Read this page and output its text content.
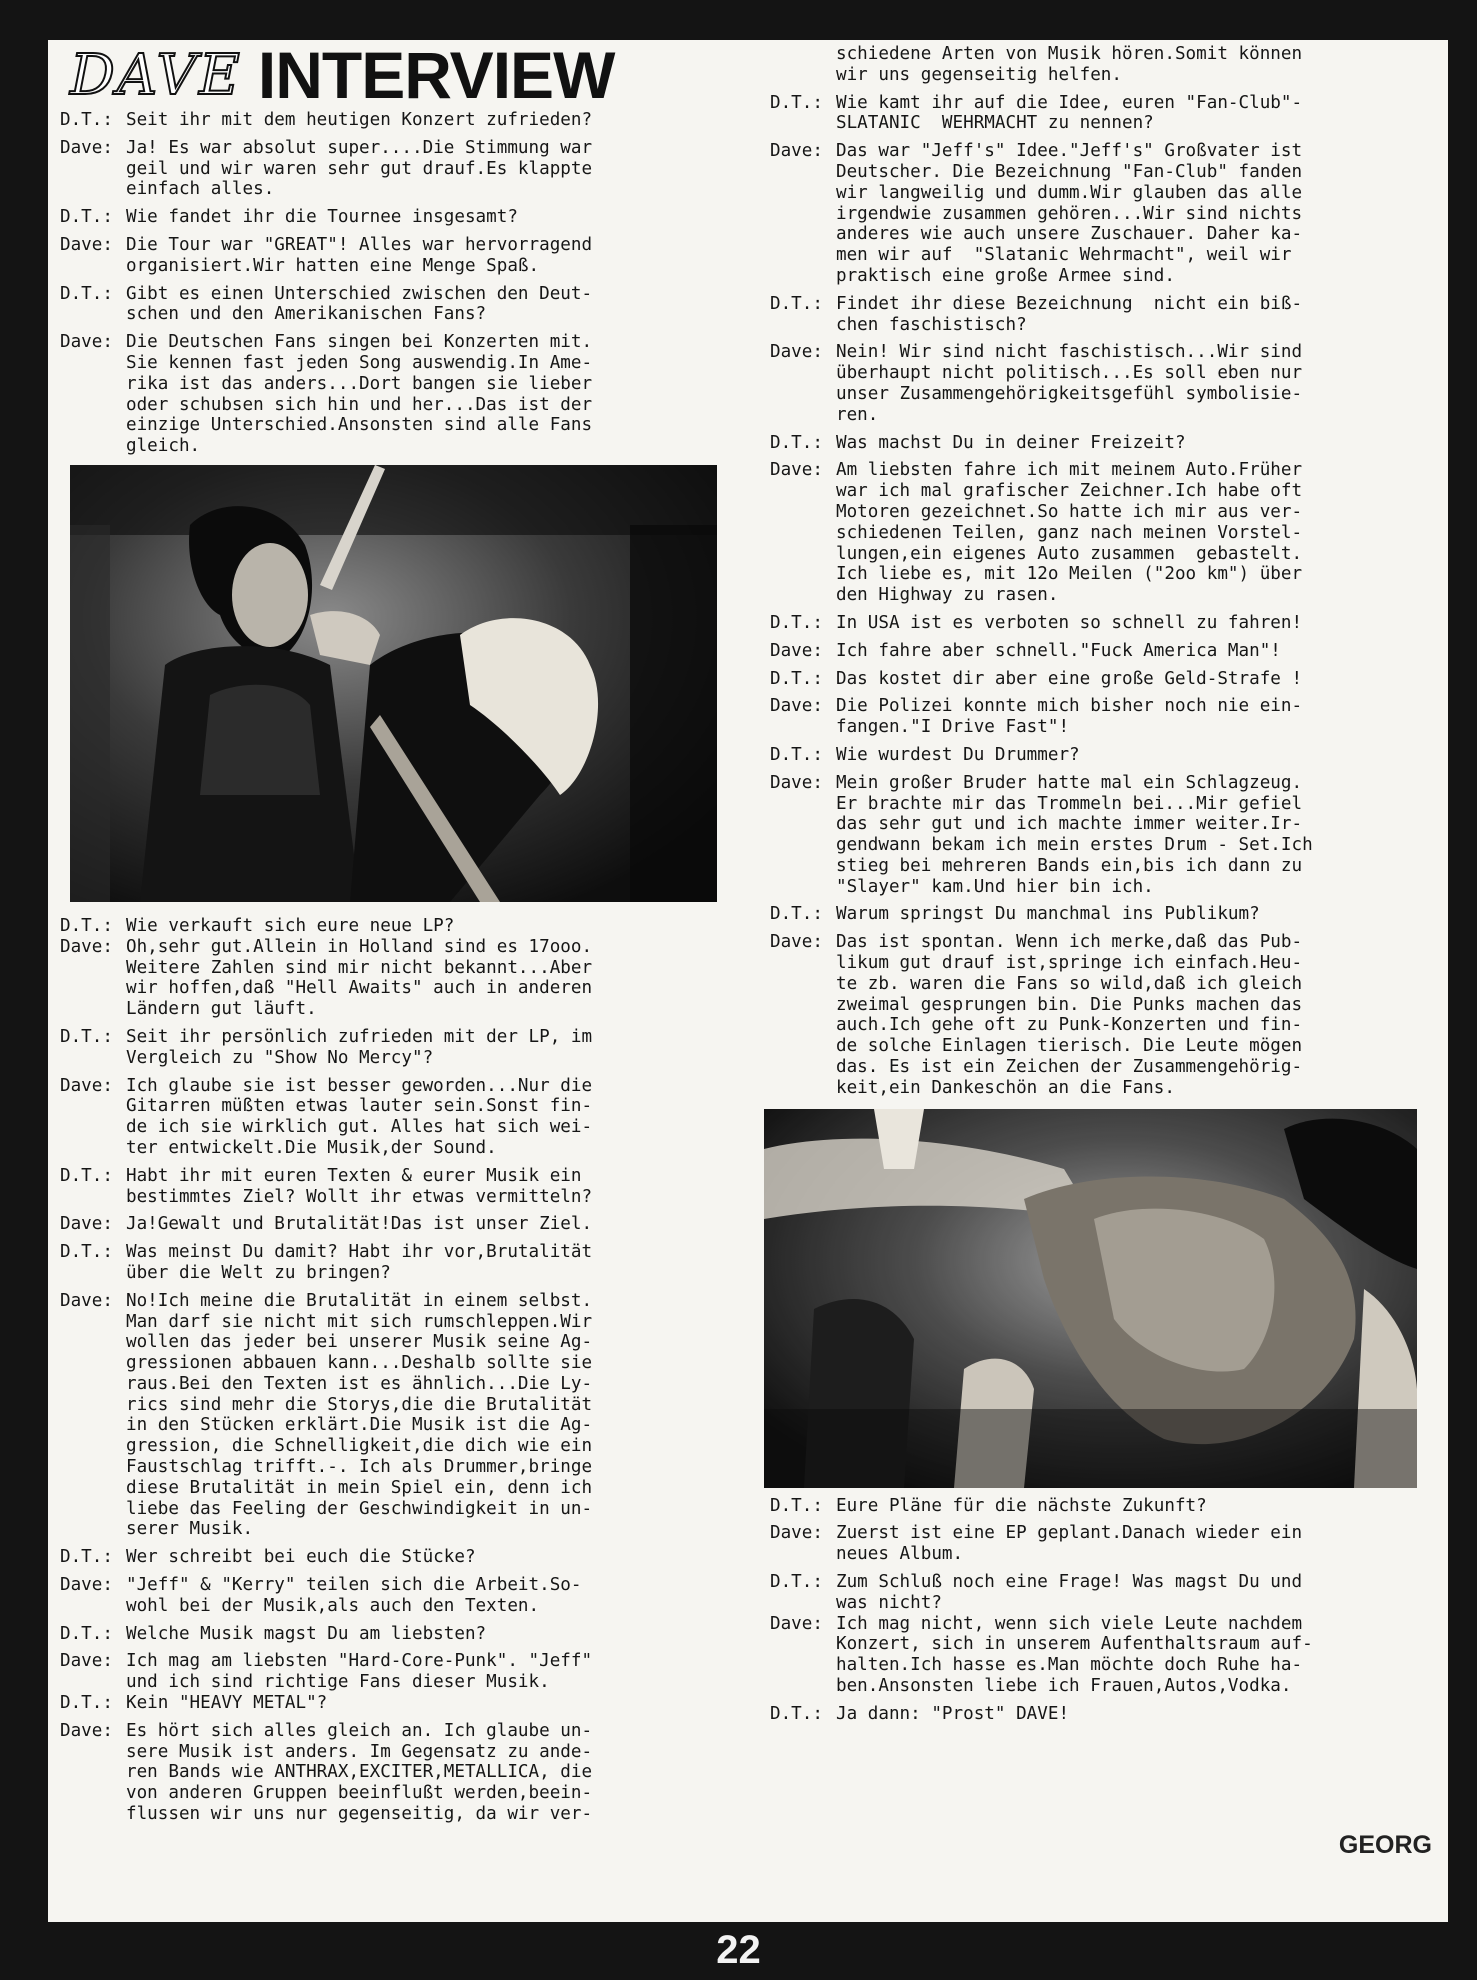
DAVE INTERVIEW
D.T.: Seit ihr mit dem heutigen Konzert zufrieden?
Dave: Ja! Es war absolut super....Die Stimmung war
geil und wir waren sehr gut drauf.Es klappte
einfach alles.
D.T.: Wie fandet ihr die Tournee insgesamt?
Dave: Die Tour war "GREAT"! Alles war hervorragend
organisiert.Wir hatten eine Menge Spaß.
D.T.: Gibt es einen Unterschied zwischen den Deut-
schen und den Amerikanischen Fans?
Dave: Die Deutschen Fans singen bei Konzerten mit.
Sie kennen fast jeden Song auswendig.In Ame-
rika ist das anders...Dort bangen sie lieber
oder schubsen sich hin und her...Das ist der
einzige Unterschied.Ansonsten sind alle Fans
gleich.
D.T.: Wie verkauft sich eure neue LP?
Dave: Oh,sehr gut.Allein in Holland sind es 17ooo.
Weitere Zahlen sind mir nicht bekannt...Aber
wir hoffen,daß "Hell Awaits" auch in anderen
Ländern gut läuft.
D.T.: Seit ihr persönlich zufrieden mit der LP, im
Vergleich zu "Show No Mercy"?
Dave: Ich glaube sie ist besser geworden...Nur die
Gitarren müßten etwas lauter sein.Sonst fin-
de ich sie wirklich gut. Alles hat sich wei-
ter entwickelt.Die Musik,der Sound.
D.T.: Habt ihr mit euren Texten & eurer Musik ein
bestimmtes Ziel? Wollt ihr etwas vermitteln?
Dave: Ja!Gewalt und Brutalität!Das ist unser Ziel.
D.T.: Was meinst Du damit? Habt ihr vor,Brutalität
über die Welt zu bringen?
Dave: No!Ich meine die Brutalität in einem selbst.
Man darf sie nicht mit sich rumschleppen.Wir
wollen das jeder bei unserer Musik seine Ag-
gressionen abbauen kann...Deshalb sollte sie
raus.Bei den Texten ist es ähnlich...Die Ly-
rics sind mehr die Storys,die die Brutalität
in den Stücken erklärt.Die Musik ist die Ag-
gression, die Schnelligkeit,die dich wie ein
Faustschlag trifft.-. Ich als Drummer,bringe
diese Brutalität in mein Spiel ein, denn ich
liebe das Feeling der Geschwindigkeit in un-
serer Musik.
D.T.: Wer schreibt bei euch die Stücke?
Dave: "Jeff" & "Kerry" teilen sich die Arbeit.So-
wohl bei der Musik,als auch den Texten.
D.T.: Welche Musik magst Du am liebsten?
Dave: Ich mag am liebsten "Hard-Core-Punk". "Jeff"
und ich sind richtige Fans dieser Musik.
D.T.: Kein "HEAVY METAL"?
Dave: Es hört sich alles gleich an. Ich glaube un-
sere Musik ist anders. Im Gegensatz zu ande-
ren Bands wie ANTHRAX,EXCITER,METALLICA, die
von anderen Gruppen beeinflußt werden,beein-
flussen wir uns nur gegenseitig, da wir ver-
schiedene Arten von Musik hören.Somit können
wir uns gegenseitig helfen.
D.T.: Wie kamt ihr auf die Idee, euren "Fan-Club"-
SLATANIC  WEHRMACHT zu nennen?
Dave: Das war "Jeff's" Idee."Jeff's" Großvater ist
Deutscher. Die Bezeichnung "Fan-Club" fanden
wir langweilig und dumm.Wir glauben das alle
irgendwie zusammen gehören...Wir sind nichts
anderes wie auch unsere Zuschauer. Daher ka-
men wir auf  "Slatanic Wehrmacht", weil wir
praktisch eine große Armee sind.
D.T.: Findet ihr diese Bezeichnung  nicht ein biß-
chen faschistisch?
Dave: Nein! Wir sind nicht faschistisch...Wir sind
überhaupt nicht politisch...Es soll eben nur
unser Zusammengehörigkeitsgefühl symbolisie-
ren.
D.T.: Was machst Du in deiner Freizeit?
Dave: Am liebsten fahre ich mit meinem Auto.Früher
war ich mal grafischer Zeichner.Ich habe oft
Motoren gezeichnet.So hatte ich mir aus ver-
schiedenen Teilen, ganz nach meinen Vorstel-
lungen,ein eigenes Auto zusammen  gebastelt.
Ich liebe es, mit 12o Meilen ("2oo km") über
den Highway zu rasen.
D.T.: In USA ist es verboten so schnell zu fahren!
Dave: Ich fahre aber schnell."Fuck America Man"!
D.T.: Das kostet dir aber eine große Geld-Strafe !
Dave: Die Polizei konnte mich bisher noch nie ein-
fangen."I Drive Fast"!
D.T.: Wie wurdest Du Drummer?
Dave: Mein großer Bruder hatte mal ein Schlagzeug.
Er brachte mir das Trommeln bei...Mir gefiel
das sehr gut und ich machte immer weiter.Ir-
gendwann bekam ich mein erstes Drum - Set.Ich
stieg bei mehreren Bands ein,bis ich dann zu
"Slayer" kam.Und hier bin ich.
D.T.: Warum springst Du manchmal ins Publikum?
Dave: Das ist spontan. Wenn ich merke,daß das Pub-
likum gut drauf ist,springe ich einfach.Heu-
te zb. waren die Fans so wild,daß ich gleich
zweimal gesprungen bin. Die Punks machen das
auch.Ich gehe oft zu Punk-Konzerten und fin-
de solche Einlagen tierisch. Die Leute mögen
das. Es ist ein Zeichen der Zusammengehörig-
keit,ein Dankeschön an die Fans.
D.T.: Eure Pläne für die nächste Zukunft?
Dave: Zuerst ist eine EP geplant.Danach wieder ein
neues Album.
D.T.: Zum Schluß noch eine Frage! Was magst Du und
was nicht?
Dave: Ich mag nicht, wenn sich viele Leute nachdem
Konzert, sich in unserem Aufenthaltsraum auf-
halten.Ich hasse es.Man möchte doch Ruhe ha-
ben.Ansonsten liebe ich Frauen,Autos,Vodka.
D.T.: Ja dann: "Prost" DAVE!
GEORG
22
